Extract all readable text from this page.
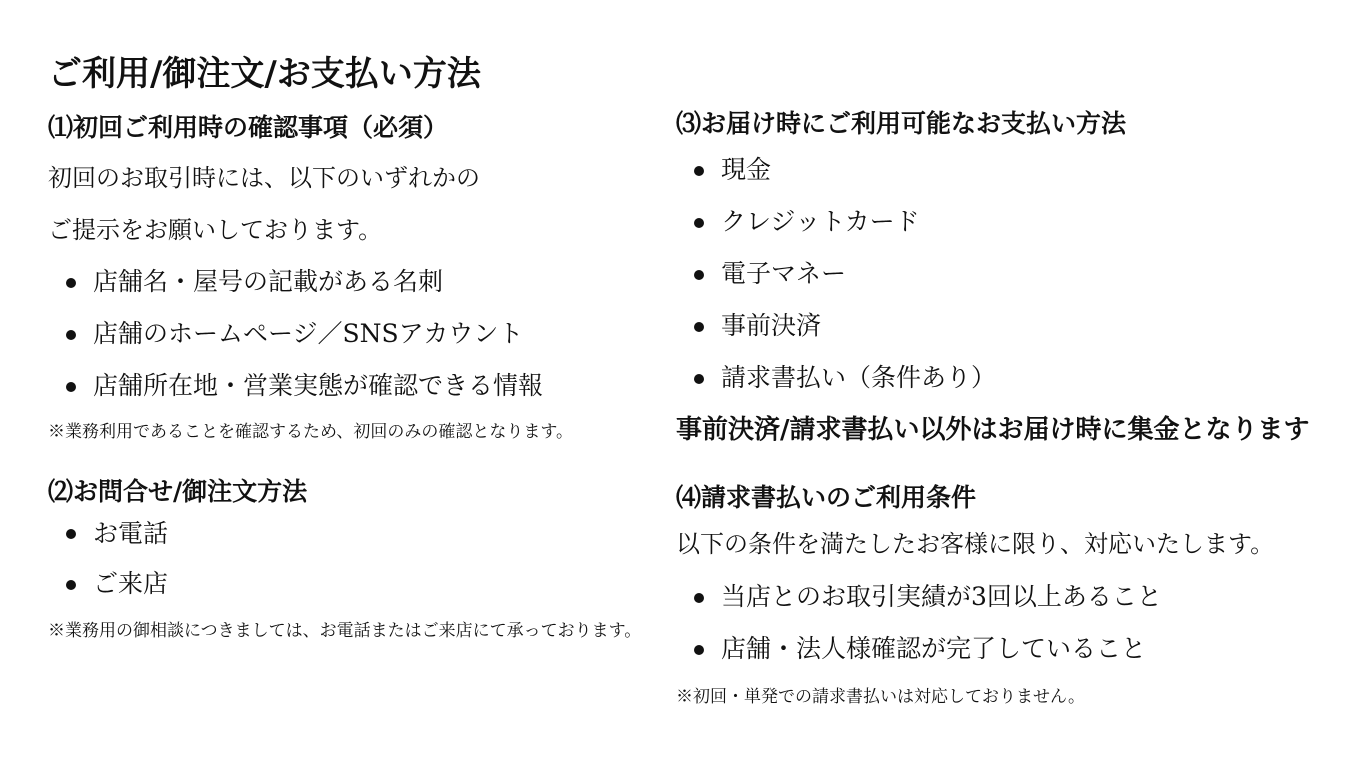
ご利用/御注文/お支払い方法

⑴初回ご利用時の確認事項（必須）

初回のお取引時には、以下のいずれかの

ご提示をお願いしております。

店舗名・屋号の記載がある名刺
店舗のホームページ／SNSアカウント
店舗所在地・営業実態が確認できる情報

※業務利用であることを確認するため、初回のみの確認となります。

⑵お問合せ/御注文方法

お電話
ご来店

※業務用の御相談につきましては、お電話またはご来店にて承っております。

⑶お届け時にご利用可能なお支払い方法

現金
クレジットカード
電子マネー
事前決済
請求書払い（条件あり）

事前決済/請求書払い以外はお届け時に集金となります

⑷請求書払いのご利用条件

以下の条件を満たしたお客様に限り、対応いたします。

当店とのお取引実績が3回以上あること
店舗・法人様確認が完了していること

※初回・単発での請求書払いは対応しておりません。
